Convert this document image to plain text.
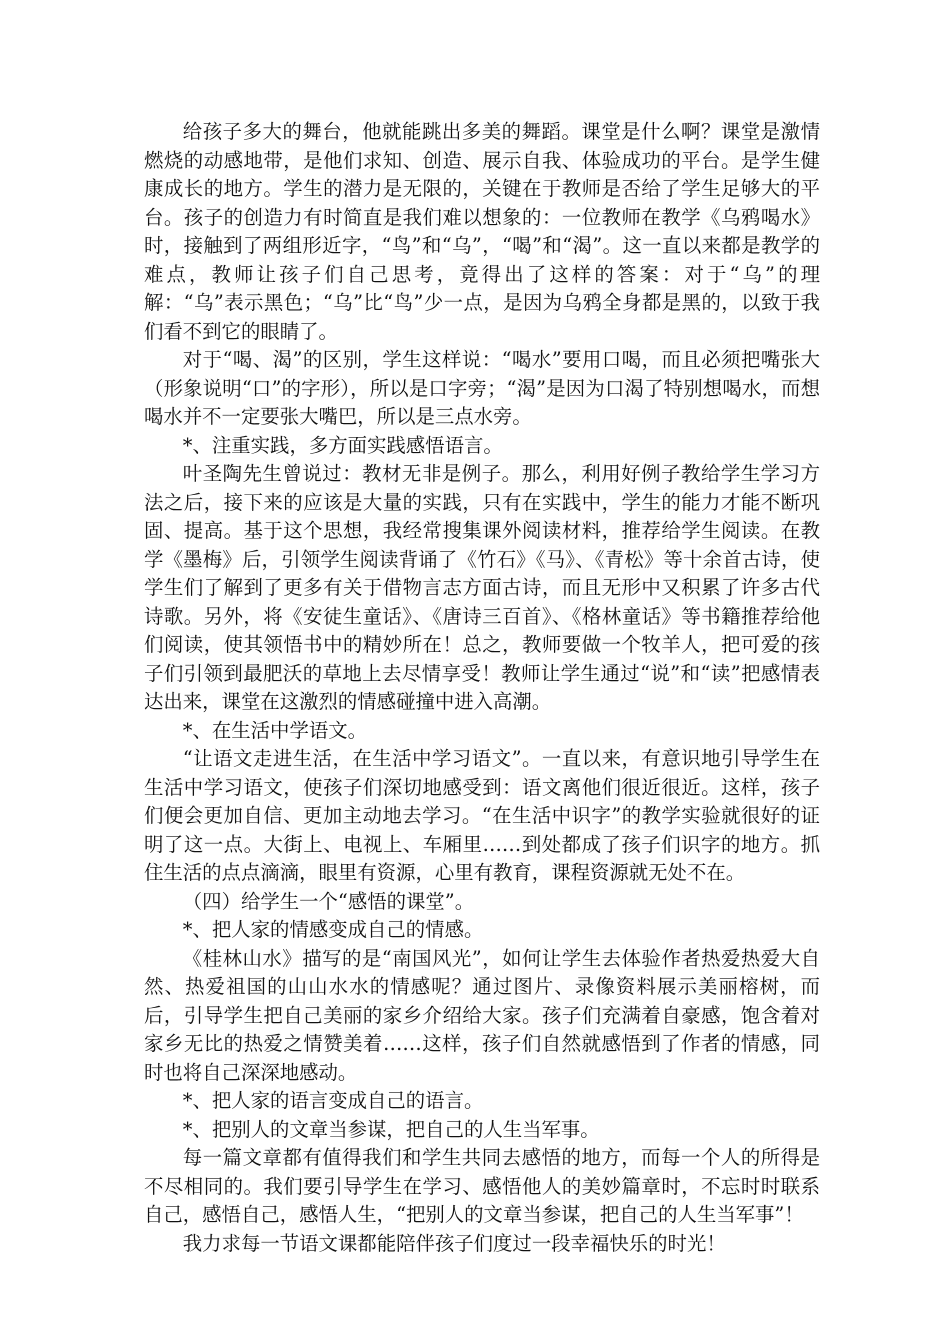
给孩子多大的舞台，他就能跳出多美的舞蹈。课堂是什么啊？课堂是激情燃烧的动感地带，是他们求知、创造、展示自我、体验成功的平台。是学生健康成长的地方。学生的潜力是无限的，关键在于教师是否给了学生足够大的平台。孩子的创造力有时简直是我们难以想象的：一位教师在教学《乌鸦喝水》时，接触到了两组形近字，“鸟”和“乌”，“喝”和“渴”。这一直以来都是教学的难点，教师让孩子们自己思考，竟得出了这样的答案：对于“乌”的理解：“乌”表示黑色；“乌”比“鸟”少一点，是因为乌鸦全身都是黑的，以致于我们看不到它的眼睛了。

对于“喝、渴”的区别，学生这样说：“喝水”要用口喝，而且必须把嘴张大（形象说明“口”的字形），所以是口字旁；“渴”是因为口渴了特别想喝水，而想喝水并不一定要张大嘴巴，所以是三点水旁。

*、注重实践，多方面实践感悟语言。

叶圣陶先生曾说过：教材无非是例子。那么，利用好例子教给学生学习方法之后，接下来的应该是大量的实践，只有在实践中，学生的能力才能不断巩固、提高。基于这个思想，我经常搜集课外阅读材料，推荐给学生阅读。在教学《墨梅》后，引领学生阅读背诵了《竹石》《马》、《青松》等十余首古诗，使学生们了解到了更多有关于借物言志方面古诗，而且无形中又积累了许多古代诗歌。另外，将《安徒生童话》、《唐诗三百首》、《格林童话》等书籍推荐给他们阅读，使其领悟书中的精妙所在！总之，教师要做一个牧羊人，把可爱的孩子们引领到最肥沃的草地上去尽情享受！教师让学生通过“说”和“读”把感情表达出来，课堂在这激烈的情感碰撞中进入高潮。

*、在生活中学语文。

“让语文走进生活，在生活中学习语文”。一直以来，有意识地引导学生在生活中学习语文，使孩子们深切地感受到：语文离他们很近很近。这样，孩子们便会更加自信、更加主动地去学习。“在生活中识字”的教学实验就很好的证明了这一点。大街上、电视上、车厢里……到处都成了孩子们识字的地方。抓住生活的点点滴滴，眼里有资源，心里有教育，课程资源就无处不在。

（四）给学生一个“感悟的课堂”。

*、把人家的情感变成自己的情感。

《桂林山水》描写的是“南国风光”，如何让学生去体验作者热爱热爱大自然、热爱祖国的山山水水的情感呢？通过图片、录像资料展示美丽榕树，而后，引导学生把自己美丽的家乡介绍给大家。孩子们充满着自豪感，饱含着对家乡无比的热爱之情赞美着……这样，孩子们自然就感悟到了作者的情感，同时也将自己深深地感动。

*、把人家的语言变成自己的语言。

*、把别人的文章当参谋，把自己的人生当军事。

每一篇文章都有值得我们和学生共同去感悟的地方，而每一个人的所得是不尽相同的。我们要引导学生在学习、感悟他人的美妙篇章时，不忘时时联系自己，感悟自己，感悟人生，“把别人的文章当参谋，把自己的人生当军事”！

我力求每一节语文课都能陪伴孩子们度过一段幸福快乐的时光！
